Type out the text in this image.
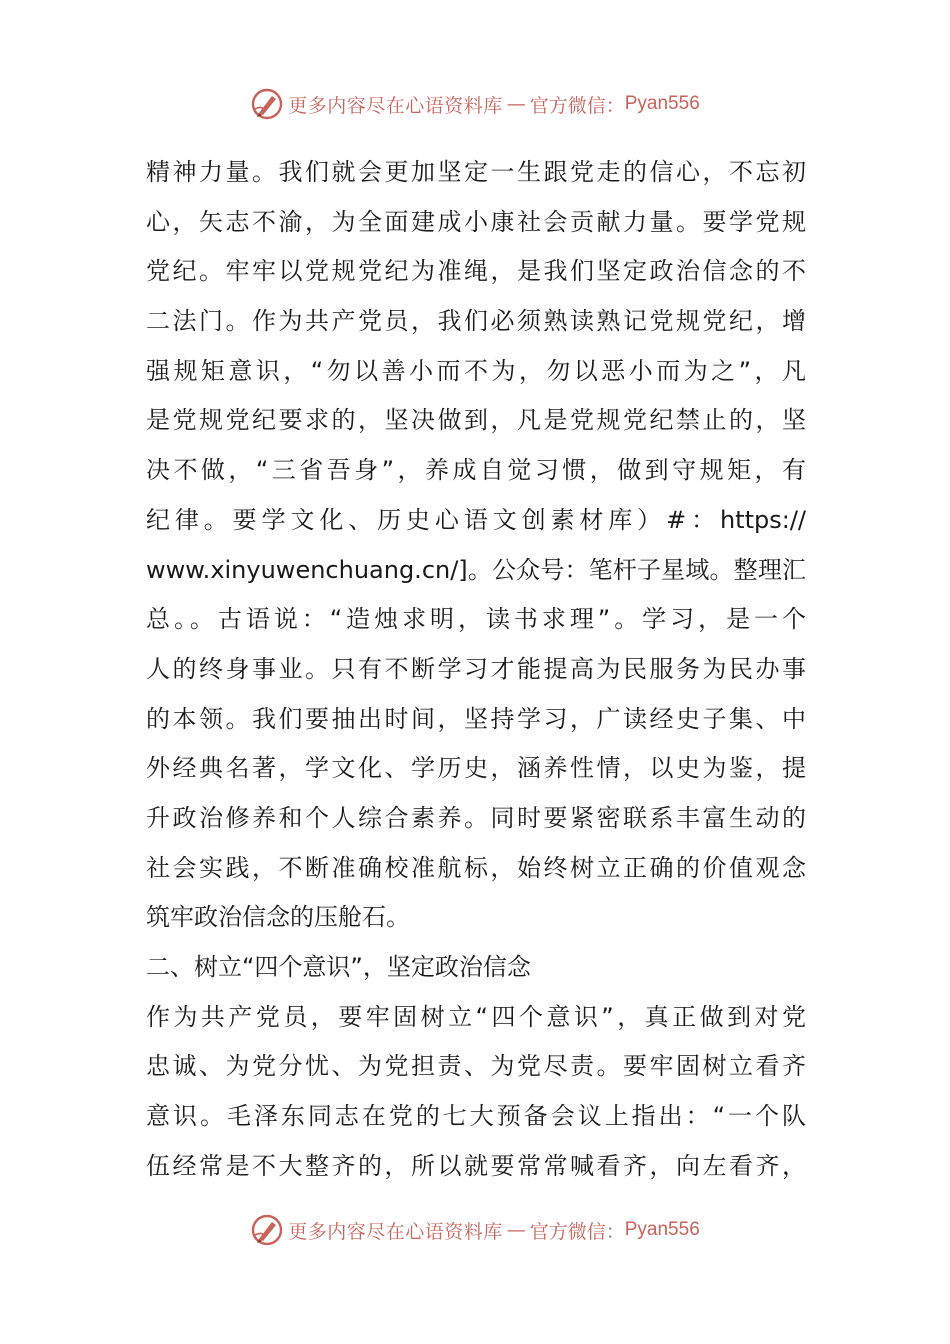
更多内容尽在心语资料库 — 官方微信： Pyan556
精神力量。我们就会更加坚定一生跟党走的信心，不忘初
心，矢志不渝，为全面建成小康社会贡献力量。要学党规
党纪。牢牢以党规党纪为准绳，是我们坚定政治信念的不
二法门。作为共产党员，我们必须熟读熟记党规党纪，增
强规矩意识，“勿以善小而不为，勿以恶小而为之”，凡
是党规党纪要求的，坚决做到，凡是党规党纪禁止的，坚
决不做，“三省吾身”，养成自觉习惯，做到守规矩，有
纪律。要学文化、历史心语文创素材库）#：https://
www.xinyuwenchuang.cn/]。公众号：笔杆子星域。整理汇
总。。古语说：“造烛求明，读书求理”。学习，是一个
人的终身事业。只有不断学习才能提高为民服务为民办事
的本领。我们要抽出时间，坚持学习，广读经史子集、中
外经典名著，学文化、学历史，涵养性情，以史为鉴，提
升政治修养和个人综合素养。同时要紧密联系丰富生动的
社会实践，不断准确校准航标，始终树立正确的价值观念
筑牢政治信念的压舱石。
二、树立“四个意识”，坚定政治信念
作为共产党员，要牢固树立“四个意识”，真正做到对党
忠诚、为党分忧、为党担责、为党尽责。要牢固树立看齐
意识。毛泽东同志在党的七大预备会议上指出：“一个队
伍经常是不大整齐的，所以就要常常喊看齐，向左看齐，
更多内容尽在心语资料库 — 官方微信： Pyan556
